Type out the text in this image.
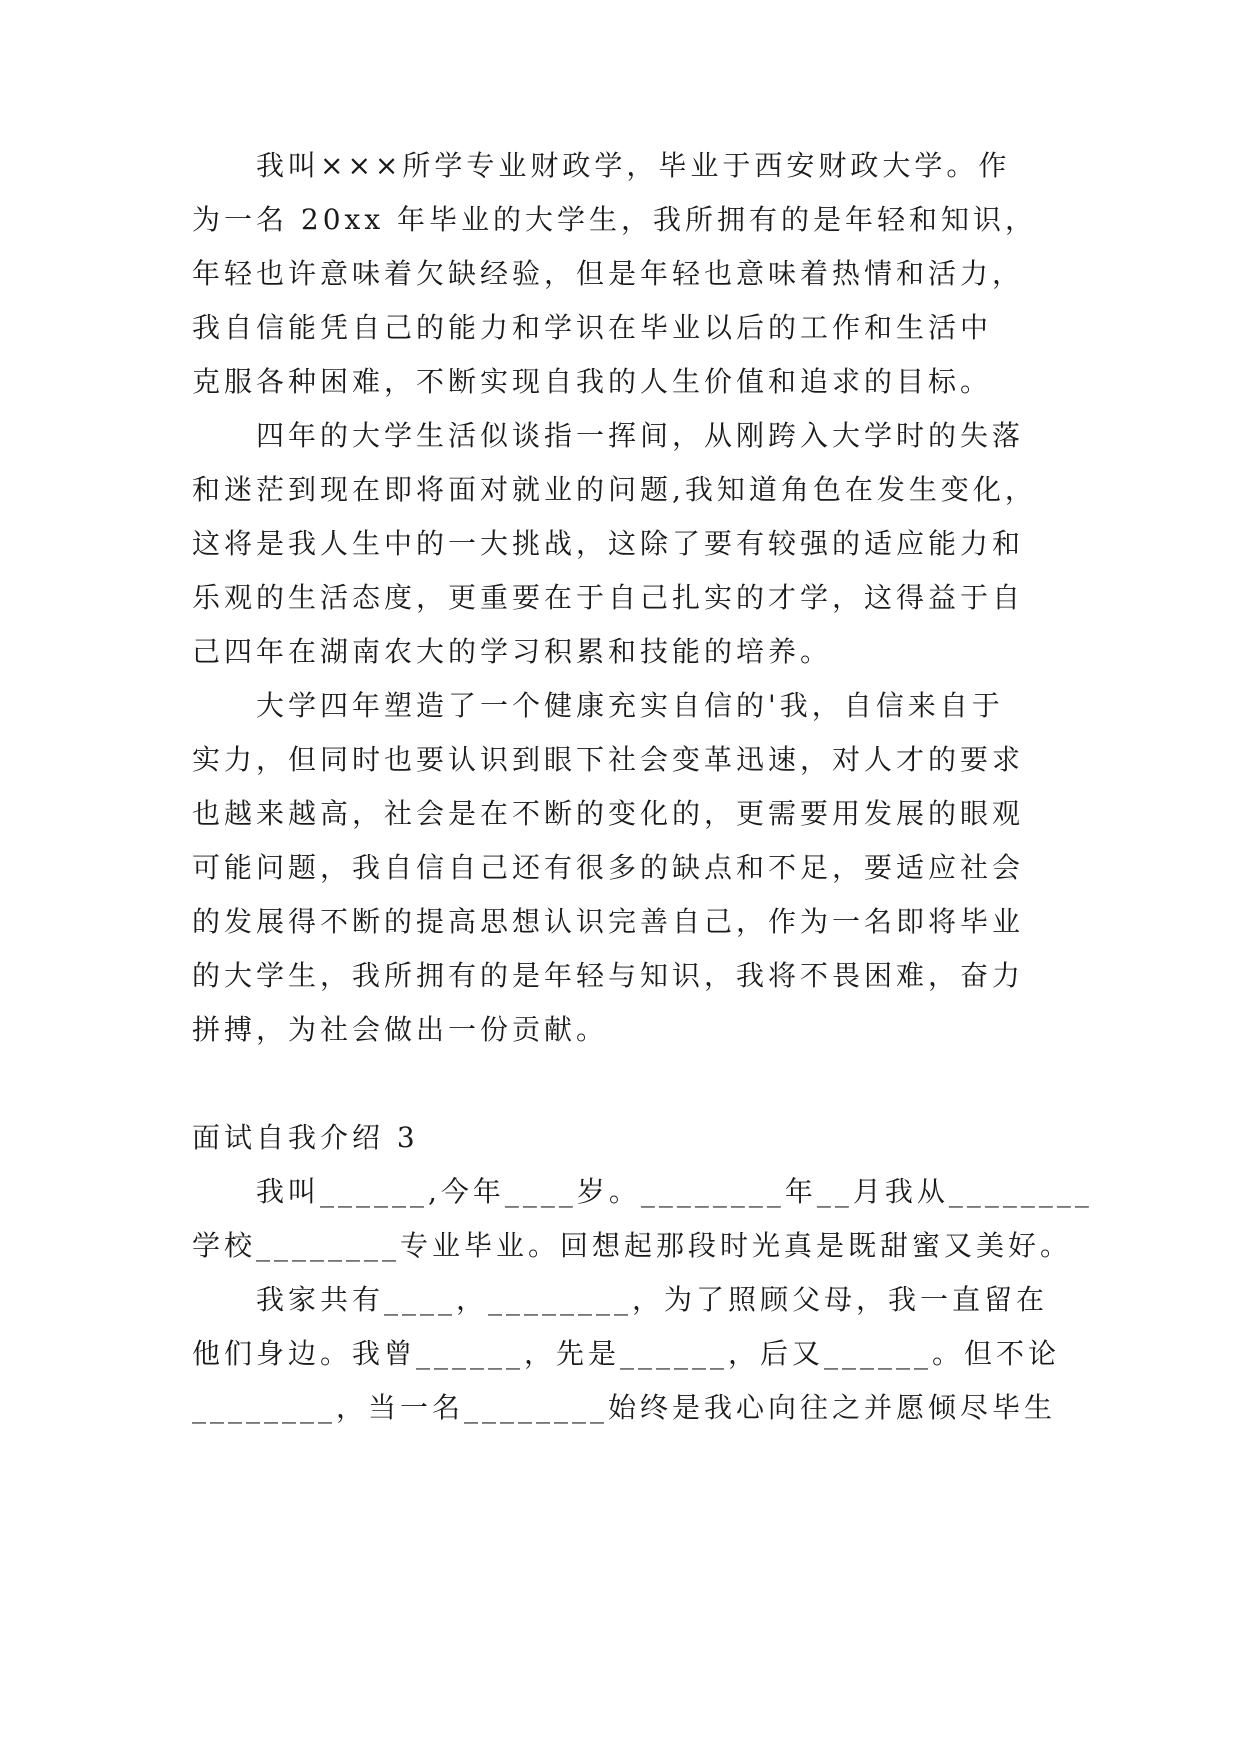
我叫×××所学专业财政学，毕业于西安财政大学。作
为一名 20xx 年毕业的大学生，我所拥有的是年轻和知识，
年轻也许意味着欠缺经验，但是年轻也意味着热情和活力，
我自信能凭自己的能力和学识在毕业以后的工作和生活中
克服各种困难，不断实现自我的人生价值和追求的目标。
四年的大学生活似谈指一挥间，从刚跨入大学时的失落
和迷茫到现在即将面对就业的问题,我知道角色在发生变化，
这将是我人生中的一大挑战，这除了要有较强的适应能力和
乐观的生活态度，更重要在于自己扎实的才学，这得益于自
己四年在湖南农大的学习积累和技能的培养。
大学四年塑造了一个健康充实自信的'我，自信来自于
实力，但同时也要认识到眼下社会变革迅速，对人才的要求
也越来越高，社会是在不断的变化的，更需要用发展的眼观
可能问题，我自信自己还有很多的缺点和不足，要适应社会
的发展得不断的提高思想认识完善自己，作为一名即将毕业
的大学生，我所拥有的是年轻与知识，我将不畏困难，奋力
拼搏，为社会做出一份贡献。
面试自我介绍 3
我叫______,今年____岁。________年__月我从________
学校________专业毕业。回想起那段时光真是既甜蜜又美好。
我家共有____，________，为了照顾父母，我一直留在
他们身边。我曾______，先是______，后又______。但不论
________，当一名________始终是我心向往之并愿倾尽毕生
